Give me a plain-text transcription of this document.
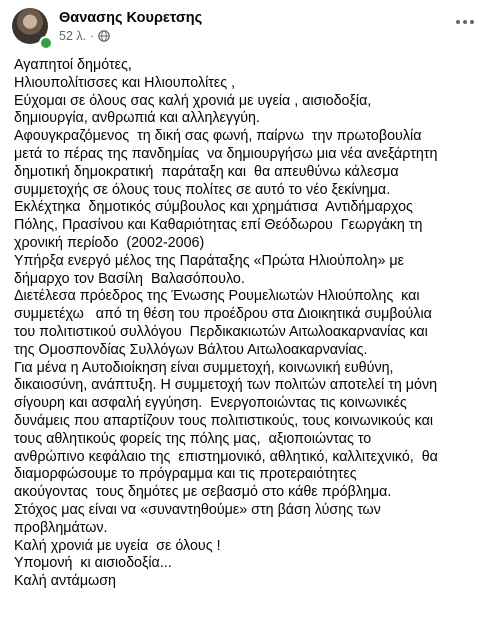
Θανασης Κουρετσης
52 λ. ·

Αγαπητοί δημότες,

Ηλιουπολίτισσες και Ηλιουπολίτες ,

Εύχομαι σε όλους σας καλή χρονιά με υγεία , αισιοδοξία,

δημιουργία, ανθρωπιά και αλληλεγγύη.

Αφουγκραζόμενος  τη δική σας φωνή, παίρνω  την πρωτοβουλία

μετά το πέρας της πανδημίας  να δημιουργήσω μια νέα ανεξάρτητη

δημοτική δημοκρατική  παράταξη και  θα απευθύνω κάλεσμα

συμμετοχής σε όλους τους πολίτες σε αυτό το νέο ξεκίνημα.

Εκλέχτηκα  δημοτικός σύμβουλος και χρημάτισα  Αντιδήμαρχος

Πόλης, Πρασίνου και Καθαριότητας επί Θεόδωρου  Γεωργάκη τη

χρονική περίοδο  (2002-2006)

Υπήρξα ενεργό μέλος της Παράταξης «Πρώτα Ηλιούπολη» με

δήμαρχο τον Βασίλη  Βαλασόπουλο.

Διετέλεσα πρόεδρος της Ένωσης Ρουμελιωτών Ηλιούπολης  και

συμμετέχω   από τη θέση του προέδρου στα Διοικητικά συμβούλια

του πολιτιστικού συλλόγου  Περδικακιωτών Αιτωλοακαρνανίας και

της Ομοσπονδίας Συλλόγων Βάλτου Αιτωλοακαρνανίας.

Για μένα η Αυτοδιοίκηση είναι συμμετοχή, κοινωνική ευθύνη,

δικαιοσύνη, ανάπτυξη. Η συμμετοχή των πολιτών αποτελεί τη μόνη

σίγουρη και ασφαλή εγγύηση.  Ενεργοποιώντας τις κοινωνικές

δυνάμεις που απαρτίζουν τους πολιτιστικούς, τους κοινωνικούς και

τους αθλητικούς φορείς της πόλης μας,  αξιοποιώντας το

ανθρώπινο κεφάλαιο της  επιστημονικό, αθλητικό, καλλιτεχνικό,  θα

διαμορφώσουμε το πρόγραμμα και τις προτεραιότητες

ακούγοντας  τους δημότες με σεβασμό στο κάθε πρόβλημα.

Στόχος μας είναι να «συναντηθούμε» στη βάση λύσης των

προβλημάτων.

Καλή χρονιά με υγεία  σε όλους !

Υπομονή  κι αισιοδοξία...

Καλή αντάμωση
